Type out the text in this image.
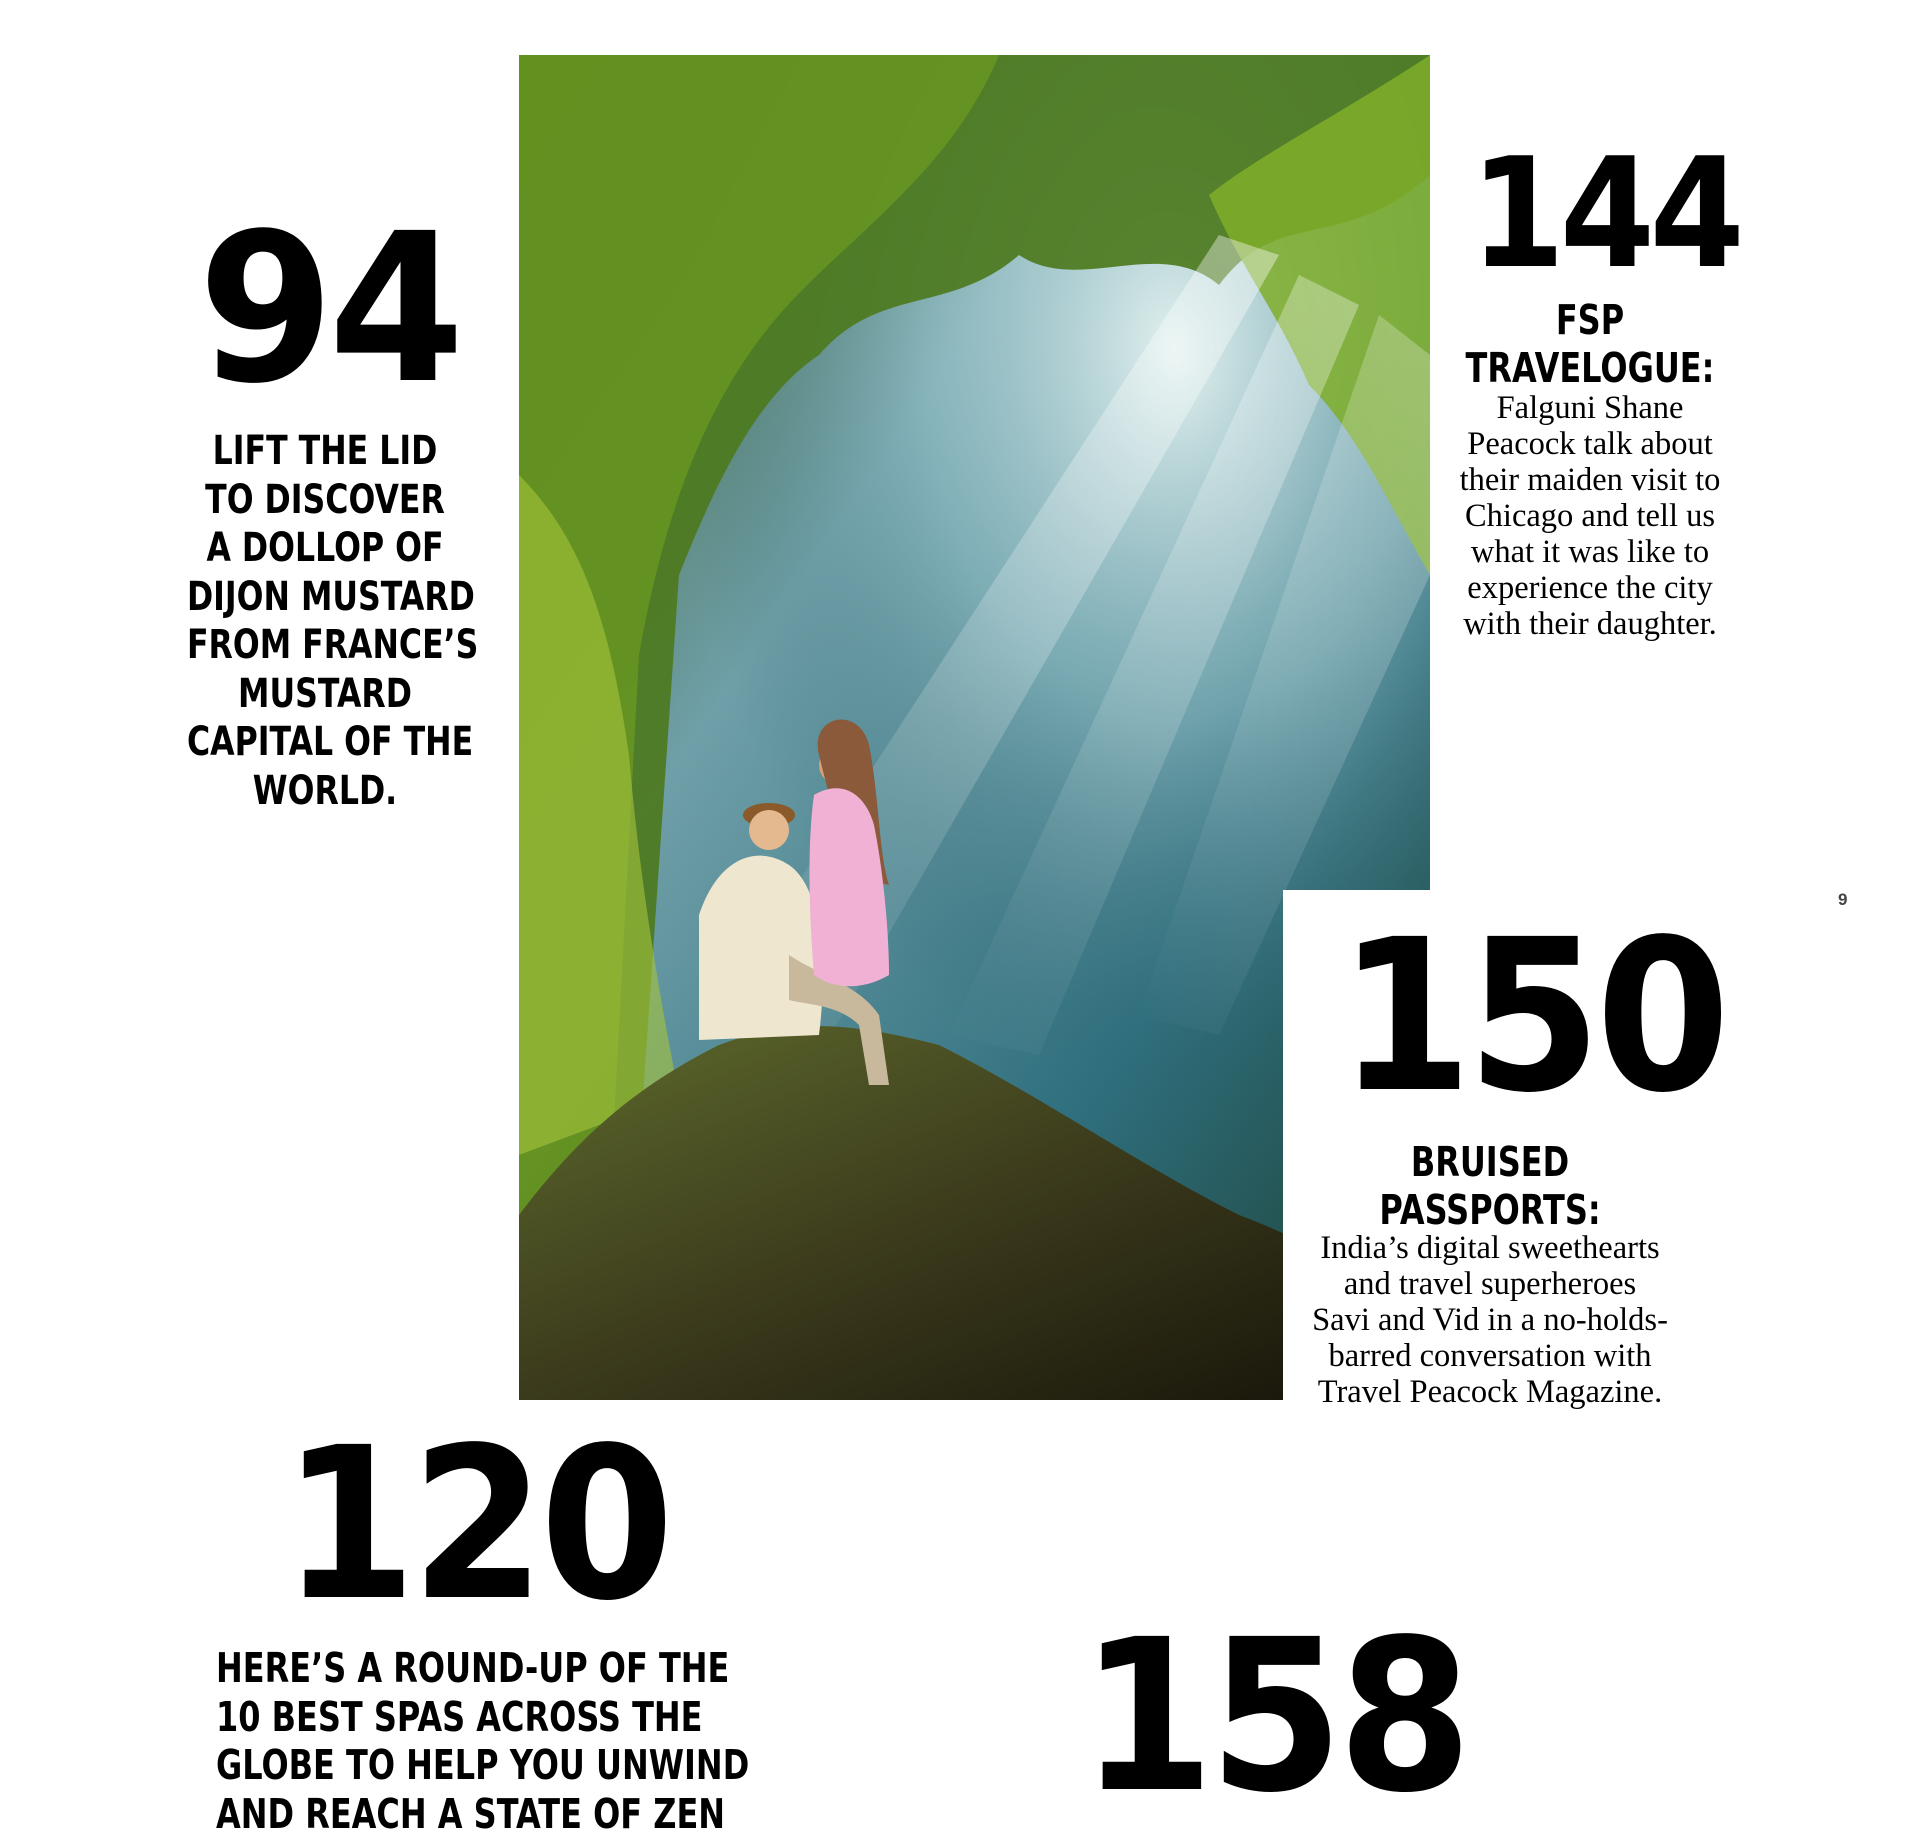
94
LIFT THE LID
TO DISCOVER
A DOLLOP OF
DIJON MUSTARD
FROM FRANCE’S
MUSTARD
CAPITAL OF THE
WORLD.
144
FSP
TRAVELOGUE:
Falguni Shane
Peacock talk about
their maiden visit to
Chicago and tell us
what it was like to
experience the city
with their daughter.
150
BRUISED
PASSPORTS:
India’s digital sweethearts
and travel superheroes
Savi and Vid in a no-holds-
barred conversation with
Travel Peacock Magazine.
120
HERE’S A ROUND-UP OF THE
10 BEST SPAS ACROSS THE
GLOBE TO HELP YOU UNWIND
AND REACH A STATE OF ZEN 158
9
